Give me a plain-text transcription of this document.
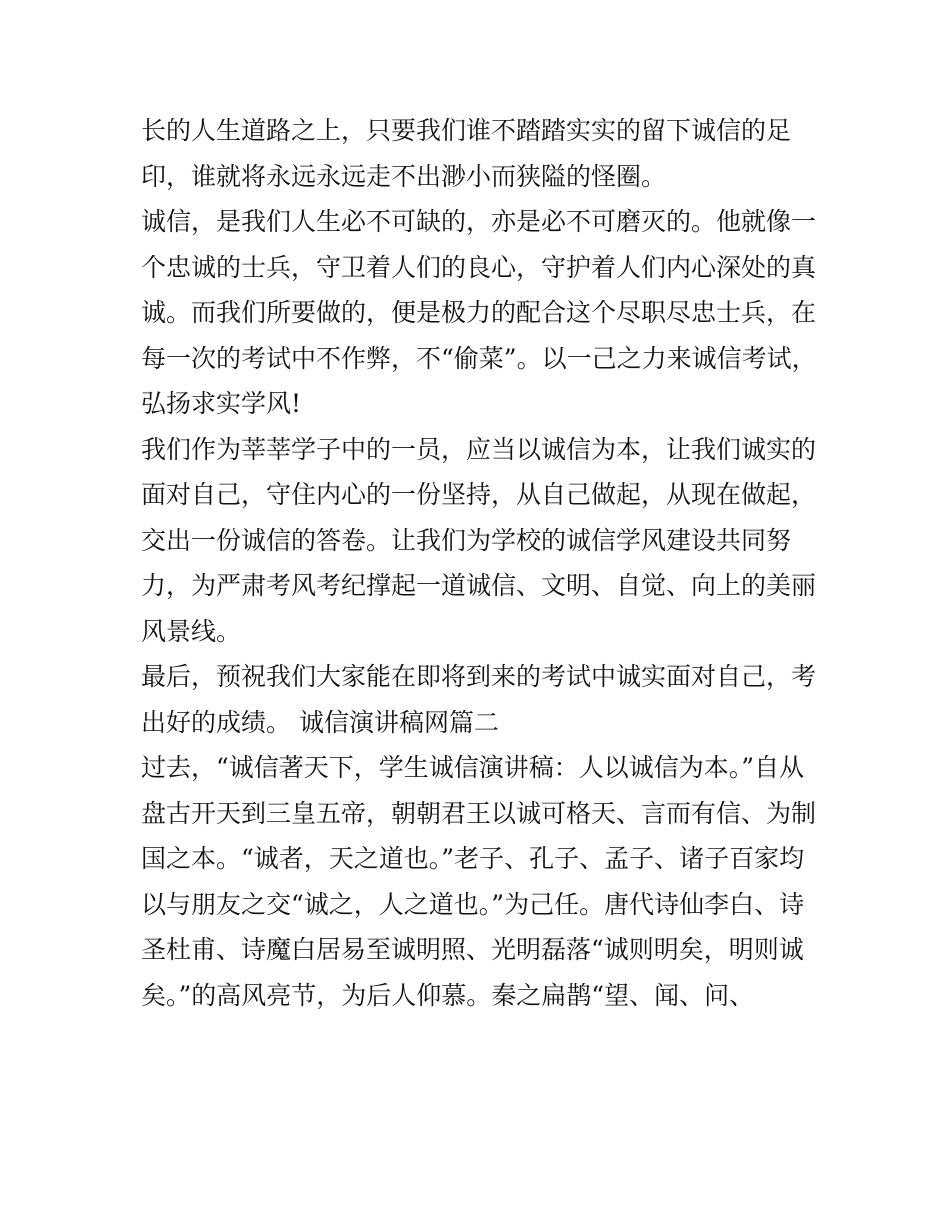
长的人生道路之上，只要我们谁不踏踏实实的留下诚信的足
印，谁就将永远永远走不出渺小而狭隘的怪圈。
诚信，是我们人生必不可缺的，亦是必不可磨灭的。他就像一
个忠诚的士兵，守卫着人们的良心，守护着人们内心深处的真
诚。而我们所要做的，便是极力的配合这个尽职尽忠士兵，在
每一次的考试中不作弊，不“偷菜”。以一己之力来诚信考试，
弘扬求实学风!
我们作为莘莘学子中的一员，应当以诚信为本，让我们诚实的
面对自己，守住内心的一份坚持，从自己做起，从现在做起，
交出一份诚信的答卷。让我们为学校的诚信学风建设共同努
力，为严肃考风考纪撑起一道诚信、文明、自觉、向上的美丽
风景线。
最后，预祝我们大家能在即将到来的考试中诚实面对自己，考
出好的成绩。 诚信演讲稿网篇二
过去，“诚信著天下，学生诚信演讲稿：人以诚信为本。”自从
盘古开天到三皇五帝，朝朝君王以诚可格天、言而有信、为制
国之本。“诚者，天之道也。”老子、孔子、孟子、诸子百家均
以与朋友之交“诚之，人之道也。”为己任。唐代诗仙李白、诗
圣杜甫、诗魔白居易至诚明照、光明磊落“诚则明矣，明则诚
矣。”的高风亮节，为后人仰慕。秦之扁鹊“望、闻、问、
